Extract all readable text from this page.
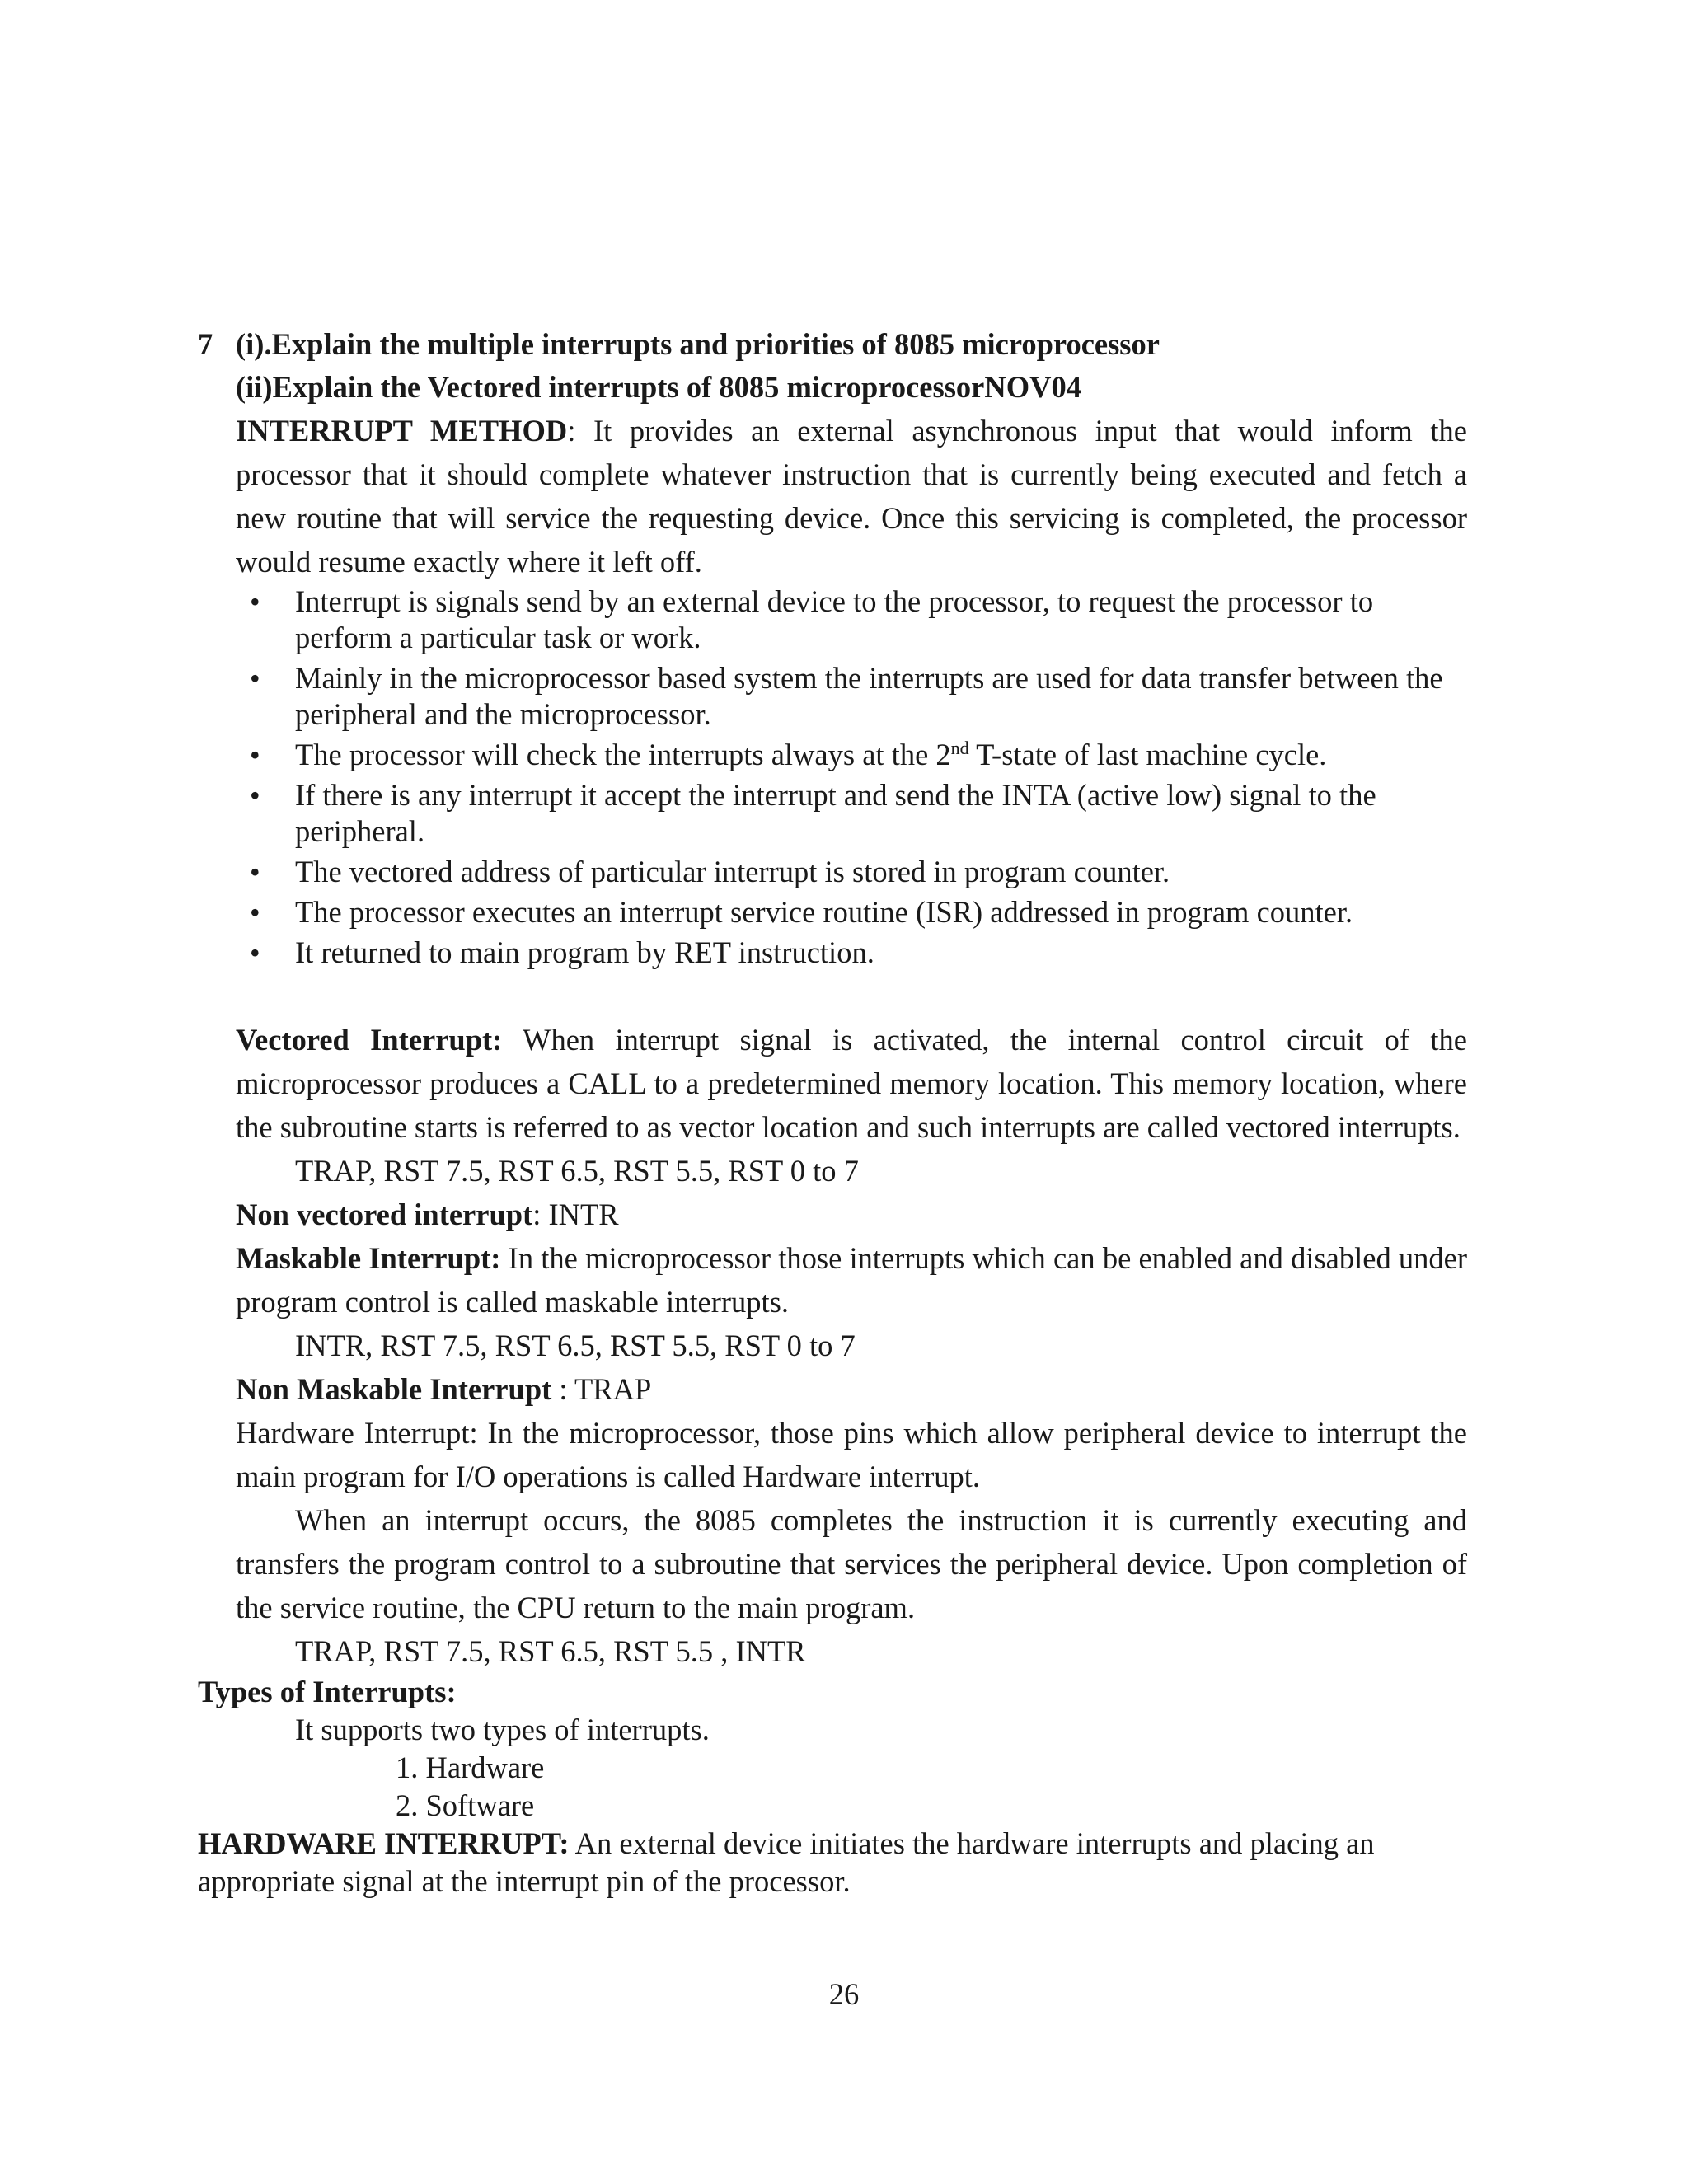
7 (i).Explain the multiple interrupts and priorities of 8085 microprocessor
(ii)Explain the Vectored interrupts of 8085 microprocessorNOV04
INTERRUPT METHOD: It provides an external asynchronous input that would inform the processor that it should complete whatever instruction that is currently being executed and fetch a new routine that will service the requesting device. Once this servicing is completed, the processor would resume exactly where it left off.
• Interrupt is signals send by an external device to the processor, to request the processor to perform a particular task or work.
• Mainly in the microprocessor based system the interrupts are used for data transfer between the peripheral and the microprocessor.
• The processor will check the interrupts always at the 2nd T-state of last machine cycle.
• If there is any interrupt it accept the interrupt and send the INTA (active low) signal to the peripheral.
• The vectored address of particular interrupt is stored in program counter.
• The processor executes an interrupt service routine (ISR) addressed in program counter.
• It returned to main program by RET instruction.
Vectored Interrupt: When interrupt signal is activated, the internal control circuit of the microprocessor produces a CALL to a predetermined memory location. This memory location, where the subroutine starts is referred to as vector location and such interrupts are called vectored interrupts.
TRAP, RST 7.5, RST 6.5, RST 5.5, RST 0 to 7
Non vectored interrupt: INTR
Maskable Interrupt: In the microprocessor those interrupts which can be enabled and disabled under program control is called maskable interrupts.
INTR, RST 7.5, RST 6.5, RST 5.5, RST 0 to 7
Non Maskable Interrupt : TRAP
Hardware Interrupt: In the microprocessor, those pins which allow peripheral device to interrupt the main program for I/O operations is called Hardware interrupt.
When an interrupt occurs, the 8085 completes the instruction it is currently executing and transfers the program control to a subroutine that services the peripheral device. Upon completion of the service routine, the CPU return to the main program.
TRAP, RST 7.5, RST 6.5, RST 5.5 , INTR
Types of Interrupts:
It supports two types of interrupts.
1. Hardware
2. Software
HARDWARE INTERRUPT: An external device initiates the hardware interrupts and placing an appropriate signal at the interrupt pin of the processor.
26
